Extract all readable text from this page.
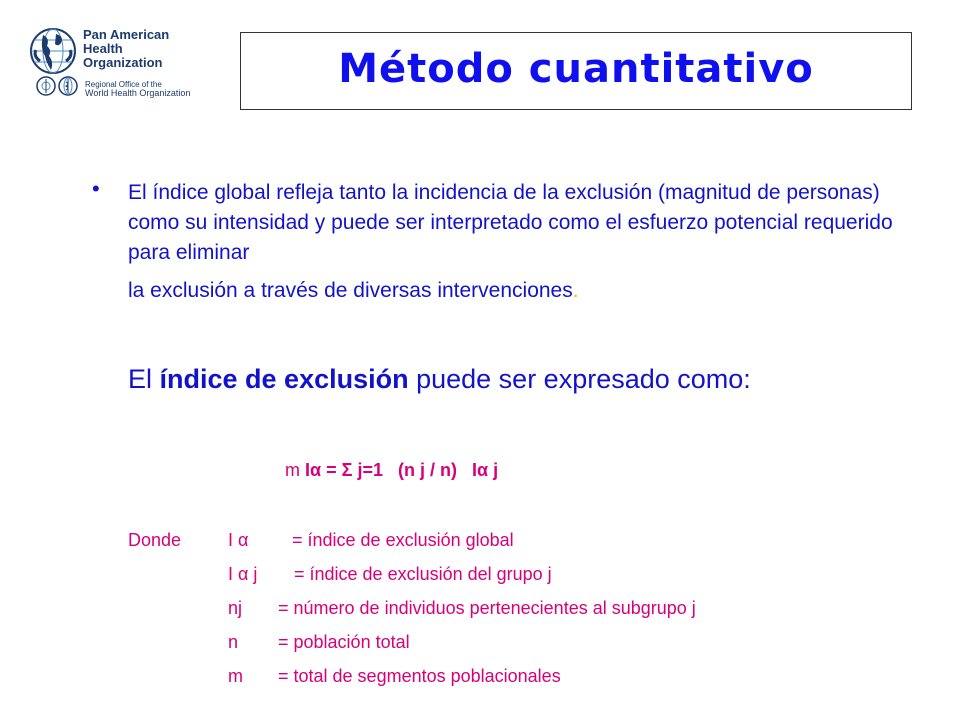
Pan American
Health
Organization
Regional Office of the
World Health Organization
Método cuantitativo
• El índice global refleja tanto la incidencia de la exclusión (magnitud de personas) como su intensidad y puede ser interpretado como el esfuerzo potencial requerido para eliminar
la exclusión a través de diversas intervenciones.
El índice de exclusión puede ser expresado como:
m Iα = Σ j=1 (n j / n) Iα j
Donde	I α = índice de exclusión global
I α j = índice de exclusión del grupo j
nj = número de individuos pertenecientes al subgrupo j
n = población total
m = total de segmentos poblacionales
